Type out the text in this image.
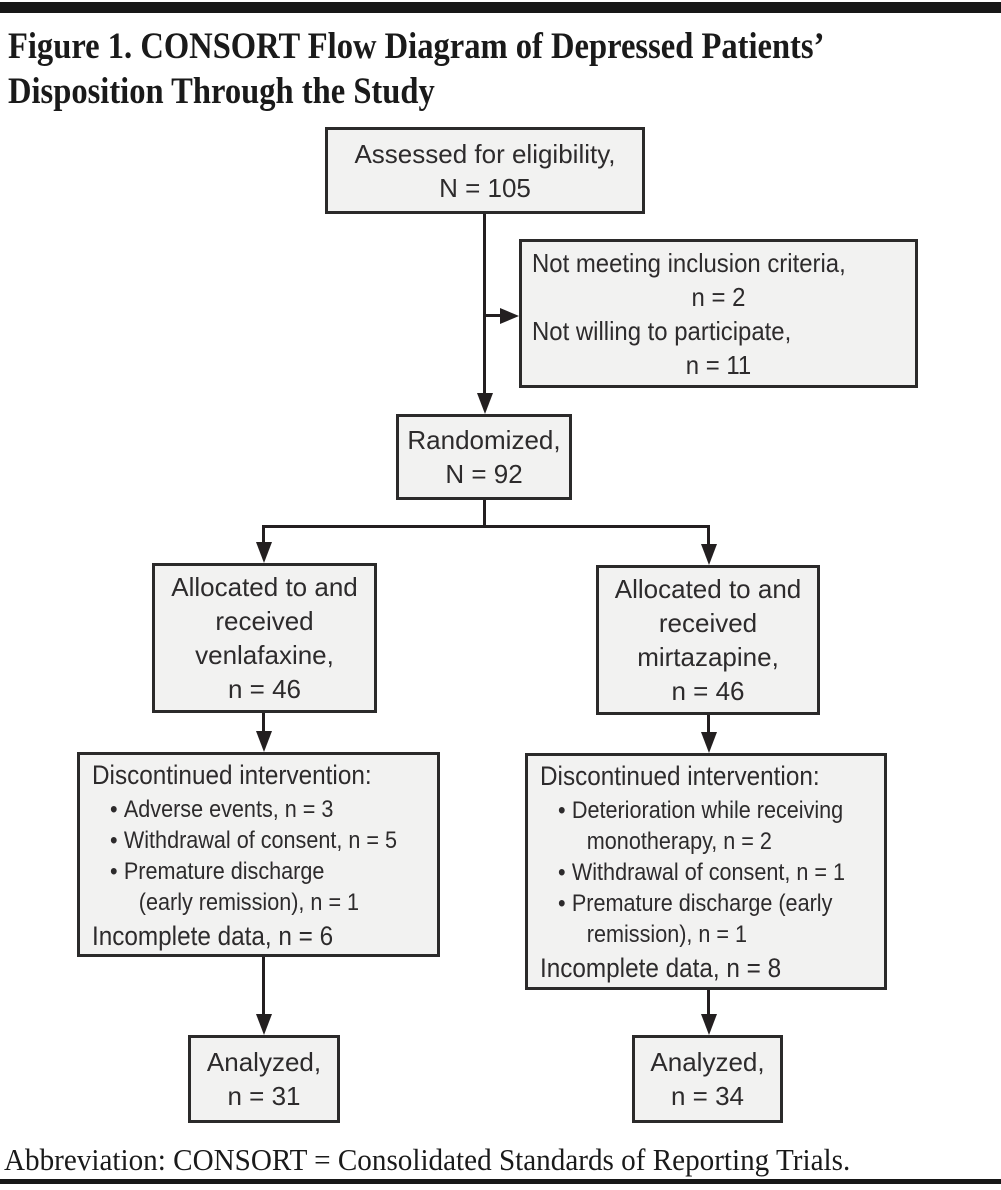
Figure 1. CONSORT Flow Diagram of Depressed Patients’
Disposition Through the Study
Assessed for eligibility,
N = 105
Not meeting inclusion criteria,
n = 2
Not willing to participate,
n = 11
Randomized,
N = 92
Allocated to and
received
venlafaxine,
n = 46
Allocated to and
received
mirtazapine,
n = 46
Discontinued intervention:
• Adverse events, n = 3
• Withdrawal of consent, n = 5
• Premature discharge
(early remission), n = 1
Incomplete data, n = 6
Discontinued intervention:
• Deterioration while receiving
monotherapy, n = 2
• Withdrawal of consent, n = 1
• Premature discharge (early
remission), n = 1
Incomplete data, n = 8
Analyzed,
n = 31
Analyzed,
n = 34
Abbreviation: CONSORT = Consolidated Standards of Reporting Trials.
